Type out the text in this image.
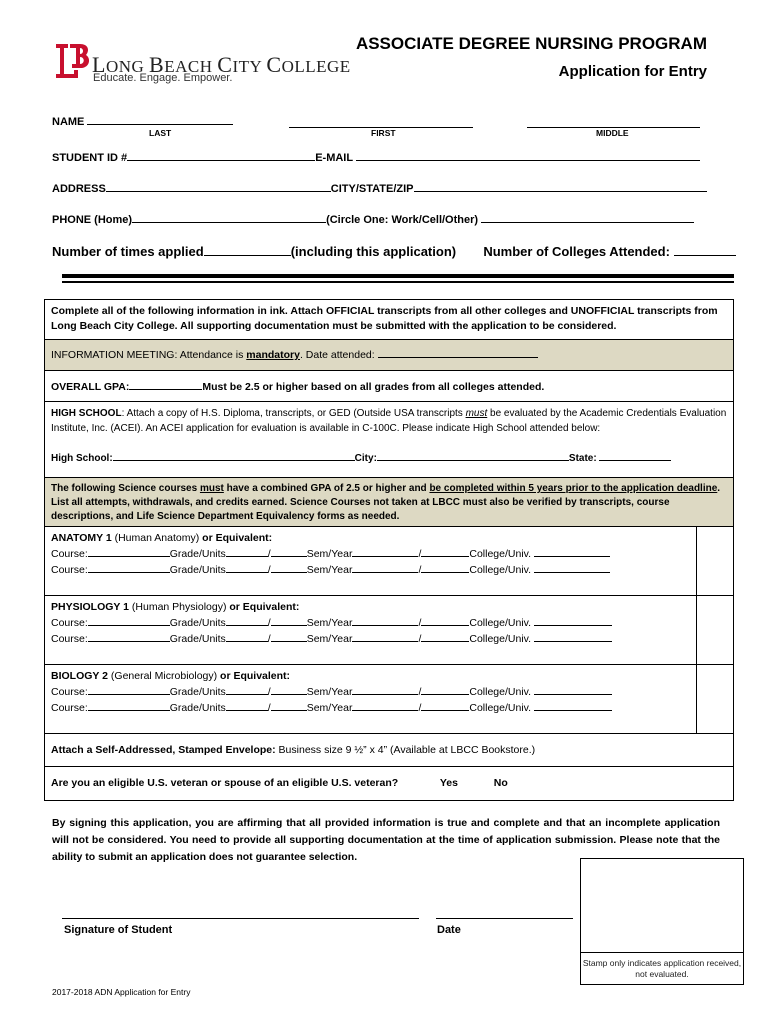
LONG BEACH CITY COLLEGE
Educate. Engage. Empower.
ASSOCIATE DEGREE NURSING PROGRAM
Application for Entry
NAME
LAST	FIRST	MIDDLE
STUDENT ID #	E-MAIL
ADDRESS	CITY/STATE/ZIP
PHONE (Home)	(Circle One: Work/Cell/Other)
Number of times applied	(including this application) Number of Colleges Attended:
Complete all of the following information in ink. Attach OFFICIAL transcripts from all other colleges and UNOFFICIAL transcripts from Long Beach City College. All supporting documentation must be submitted with the application to be considered.
INFORMATION MEETING: Attendance is mandatory. Date attended:
OVERALL GPA:	Must be 2.5 or higher based on all grades from all colleges attended.
HIGH SCHOOL: Attach a copy of H.S. Diploma, transcripts, or GED (Outside USA transcripts must be evaluated by the Academic Credentials Evaluation Institute, Inc. (ACEI). An ACEI application for evaluation is available in C-100C. Please indicate High School attended below:
High School:	City:	State:
The following Science courses must have a combined GPA of 2.5 or higher and be completed within 5 years prior to the application deadline. List all attempts, withdrawals, and credits earned. Science Courses not taken at LBCC must also be verified by transcripts, course descriptions, and Life Science Department Equivalency forms as needed.
ANATOMY 1 (Human Anatomy) or Equivalent:
Course:	Grade/Units	/	Sem/Year	/	College/Univ.
Course:	Grade/Units	/	Sem/Year	/	College/Univ.
PHYSIOLOGY 1 (Human Physiology) or Equivalent:
Course:	Grade/Units	/	Sem/Year	/	College/Univ.
Course:	Grade/Units	/	Sem/Year	/	College/Univ.
BIOLOGY 2 (General Microbiology) or Equivalent:
Course:	Grade/Units	/	Sem/Year	/	College/Univ.
Course:	Grade/Units	/	Sem/Year	/	College/Univ.
Attach a Self-Addressed, Stamped Envelope: Business size 9 ½” x 4” (Available at LBCC Bookstore.)
Are you an eligible U.S. veteran or spouse of an eligible U.S. veteran?	Yes	No
By signing this application, you are affirming that all provided information is true and complete and that an incomplete application will not be considered. You need to provide all supporting documentation at the time of application submission. Please note that the ability to submit an application does not guarantee selection.
Stamp only indicates application received, not evaluated.
Signature of Student	Date
2017-2018 ADN Application for Entry
